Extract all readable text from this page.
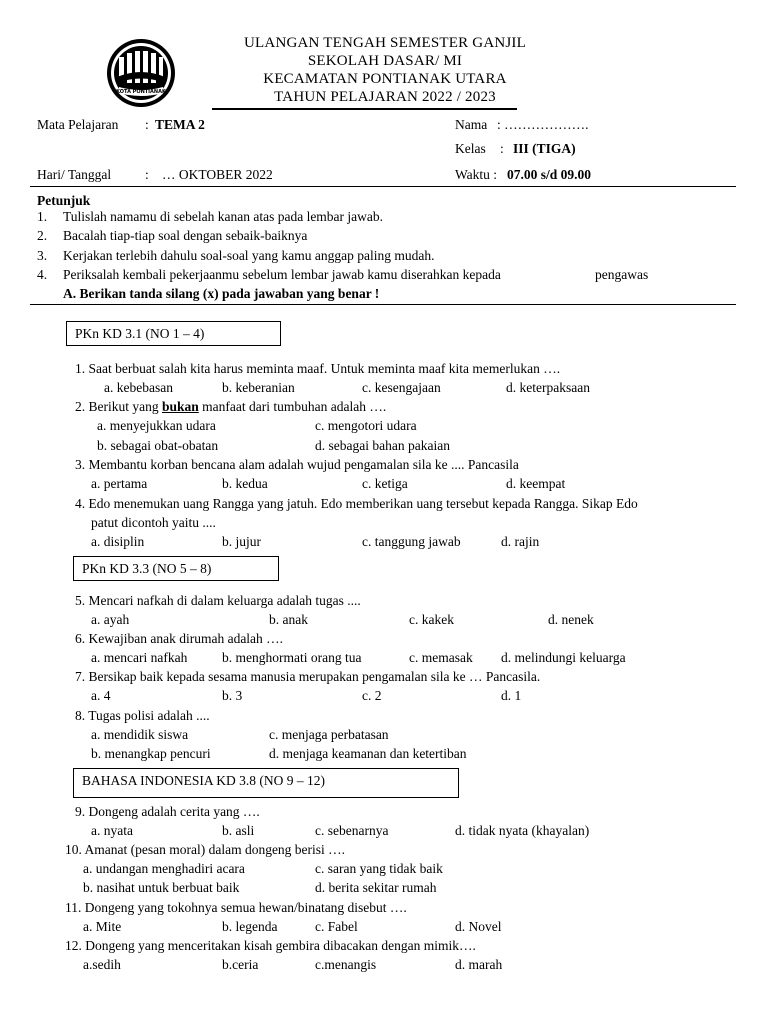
KOTA PONTIANAK
ULANGAN TENGAH SEMESTER GANJIL
SEKOLAH DASAR/ MI
KECAMATAN PONTIANAK UTARA
TAHUN PELAJARAN 2022 / 2023
Mata Pelajaran : TEMA 2	Nama : ……………….
Kelas : III (TIGA)
Hari/ Tanggal	: … OKTOBER 2022	Waktu : 07.00 s/d 09.00
Petunjuk
1. Tulislah namamu di sebelah kanan atas pada lembar jawab.
2. Bacalah tiap-tiap soal dengan sebaik-baiknya
3. Kerjakan terlebih dahulu soal-soal yang kamu anggap paling mudah.
4. Periksalah kembali pekerjaanmu sebelum lembar jawab kamu diserahkan kepada	pengawas
A. Berikan tanda silang (x) pada jawaban yang benar !
PKn KD 3.1 (NO 1 – 4)
1. Saat berbuat salah kita harus meminta maaf. Untuk meminta maaf kita memerlukan ….
a. kebebasan	b. keberanian	c. kesengajaan	d. keterpaksaan
2. Berikut yang bukan manfaat dari tumbuhan adalah ….
a. menyejukkan udara	c. mengotori udara
b. sebagai obat-obatan	d. sebagai bahan pakaian
3. Membantu korban bencana alam adalah wujud pengamalan sila ke .... Pancasila
a. pertama	b. kedua	c. ketiga	d. keempat
4. Edo menemukan uang Rangga yang jatuh. Edo memberikan uang tersebut kepada Rangga. Sikap Edo
patut dicontoh yaitu ....
a. disiplin	b. jujur	c. tanggung jawab	d. rajin
PKn KD 3.3 (NO 5 – 8)
5. Mencari nafkah di dalam keluarga adalah tugas ....
a. ayah	b. anak	c. kakek	d. nenek
6. Kewajiban anak dirumah adalah ….
a. mencari nafkah	b. menghormati orang tua	c. memasak d. melindungi keluarga
7. Bersikap baik kepada sesama manusia merupakan pengamalan sila ke … Pancasila.
a. 4	b. 3	c. 2	d. 1
8. Tugas polisi adalah ....
a. mendidik siswa	c. menjaga perbatasan
b. menangkap pencuri	d. menjaga keamanan dan ketertiban
BAHASA INDONESIA KD 3.8 (NO 9 – 12)
9. Dongeng adalah cerita yang ….
a. nyata	b. asli	c. sebenarnya	d. tidak nyata (khayalan)
10. Amanat (pesan moral) dalam dongeng berisi ….
a. undangan menghadiri acara	c. saran yang tidak baik
b. nasihat untuk berbuat baik	d. berita sekitar rumah
11. Dongeng yang tokohnya semua hewan/binatang disebut ….
a. Mite	b. legenda	c. Fabel	d. Novel
12. Dongeng yang menceritakan kisah gembira dibacakan dengan mimik….
a.sedih	b.ceria	c.menangis	d. marah
